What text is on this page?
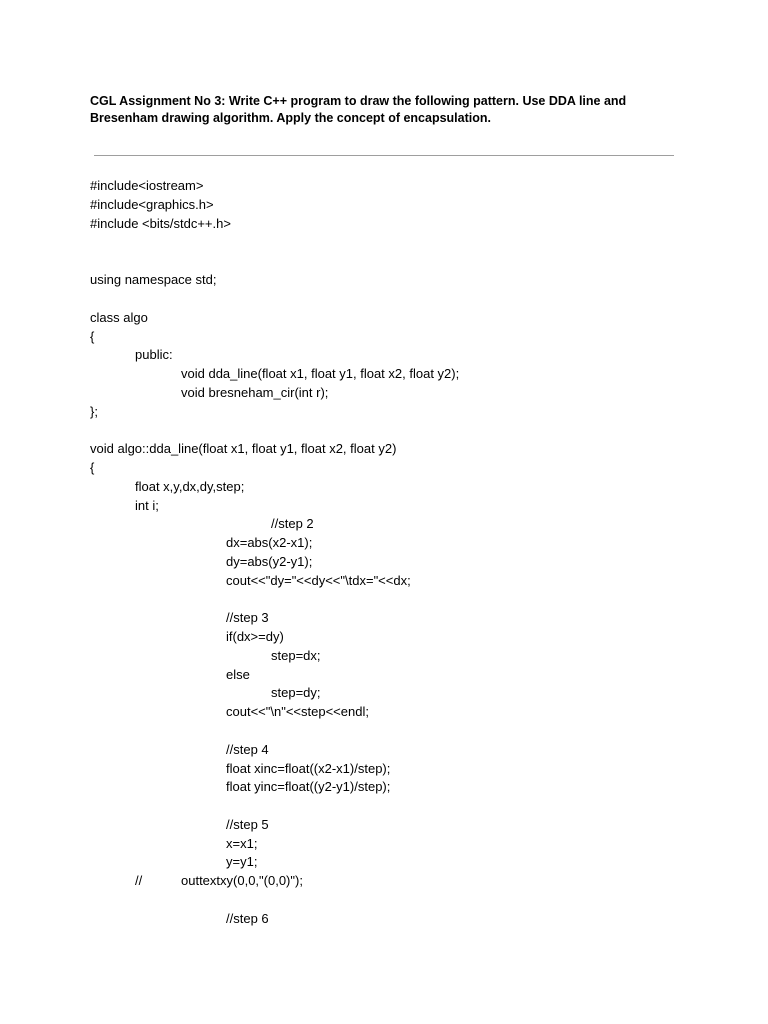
CGL Assignment No 3: Write C++ program to draw the following pattern. Use DDA line and
Bresenham drawing algorithm. Apply the concept of encapsulation.
#include<iostream>
#include<graphics.h>
#include <bits/stdc++.h>
using namespace std;
class algo
{
public:
void dda_line(float x1, float y1, float x2, float y2);
void bresneham_cir(int r);
};
void algo::dda_line(float x1, float y1, float x2, float y2)
{
float x,y,dx,dy,step;
int i;
//step 2
dx=abs(x2-x1);
dy=abs(y2-y1);
cout<<"dy="<<dy<<"\tdx="<<dx;
//step 3
if(dx>=dy)
step=dx;
else
step=dy;
cout<<"\n"<<step<<endl;
//step 4
float xinc=float((x2-x1)/step);
float yinc=float((y2-y1)/step);
//step 5
x=x1;
y=y1;
//	outtextxy(0,0,"(0,0)");
//step 6
